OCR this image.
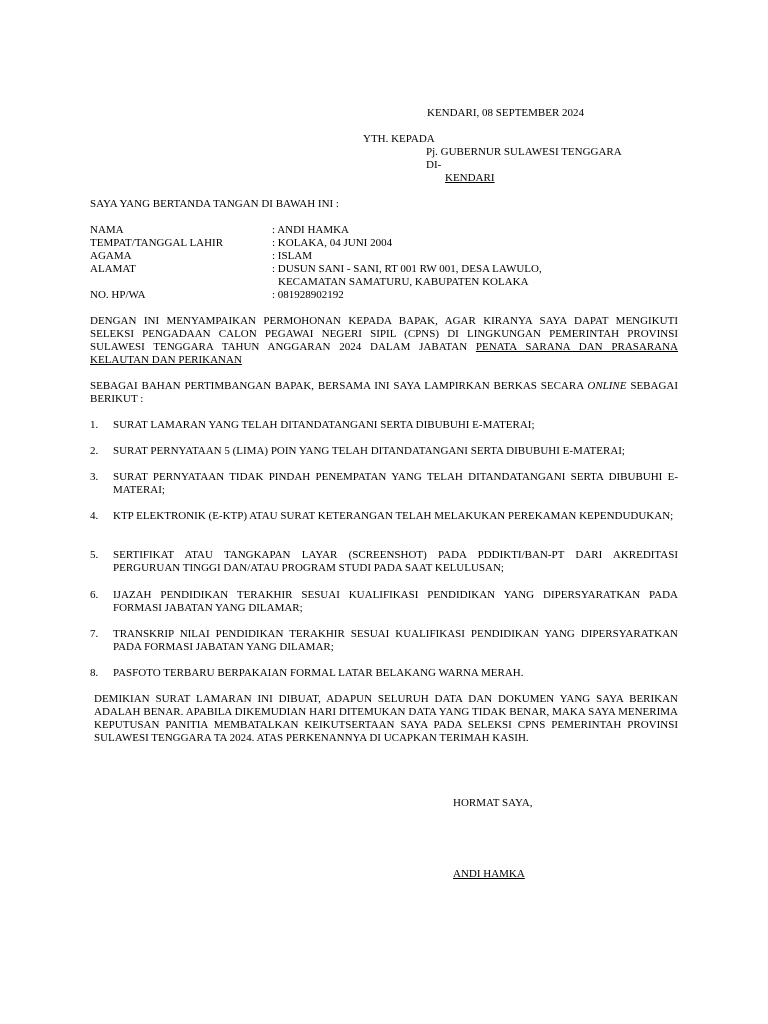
KENDARI, 08 SEPTEMBER 2024
YTH. KEPADA
Pj. GUBERNUR SULAWESI TENGGARA
DI-
KENDARI
SAYA YANG BERTANDA TANGAN DI BAWAH INI :
NAMA	: ANDI HAMKA
TEMPAT/TANGGAL LAHIR	: KOLAKA, 04 JUNI 2004
AGAMA	: ISLAM
ALAMAT	: DUSUN SANI - SANI, RT 001 RW 001, DESA LAWULO,
KECAMATAN SAMATURU, KABUPATEN KOLAKA
NO. HP/WA	: 081928902192
DENGAN INI MENYAMPAIKAN PERMOHONAN KEPADA BAPAK, AGAR KIRANYA SAYA DAPAT MENGIKUTI SELEKSI PENGADAAN CALON PEGAWAI NEGERI SIPIL (CPNS) DI LINGKUNGAN PEMERINTAH PROVINSI SULAWESI TENGGARA TAHUN ANGGARAN 2024 DALAM JABATAN PENATA SARANA DAN PRASARANA KELAUTAN DAN PERIKANAN
SEBAGAI BAHAN PERTIMBANGAN BAPAK, BERSAMA INI SAYA LAMPIRKAN BERKAS SECARA ONLINE SEBAGAI BERIKUT :
1. SURAT LAMARAN YANG TELAH DITANDATANGANI SERTA DIBUBUHI E-MATERAI;
2. SURAT PERNYATAAN 5 (LIMA) POIN YANG TELAH DITANDATANGANI SERTA DIBUBUHI E-MATERAI;
3. SURAT PERNYATAAN TIDAK PINDAH PENEMPATAN YANG TELAH DITANDATANGANI SERTA DIBUBUHI E-MATERAI;
4. KTP ELEKTRONIK (E-KTP) ATAU SURAT KETERANGAN TELAH MELAKUKAN PEREKAMAN KEPENDUDUKAN;
5. SERTIFIKAT ATAU TANGKAPAN LAYAR (SCREENSHOT) PADA PDDIKTI/BAN-PT DARI AKREDITASI PERGURUAN TINGGI DAN/ATAU PROGRAM STUDI PADA SAAT KELULUSAN;
6. IJAZAH PENDIDIKAN TERAKHIR SESUAI KUALIFIKASI PENDIDIKAN YANG DIPERSYARATKAN PADA FORMASI JABATAN YANG DILAMAR;
7. TRANSKRIP NILAI PENDIDIKAN TERAKHIR SESUAI KUALIFIKASI PENDIDIKAN YANG DIPERSYARATKAN PADA FORMASI JABATAN YANG DILAMAR;
8. PASFOTO TERBARU BERPAKAIAN FORMAL LATAR BELAKANG WARNA MERAH.
DEMIKIAN SURAT LAMARAN INI DIBUAT, ADAPUN SELURUH DATA DAN DOKUMEN YANG SAYA BERIKAN ADALAH BENAR. APABILA DIKEMUDIAN HARI DITEMUKAN DATA YANG TIDAK BENAR, MAKA SAYA MENERIMA KEPUTUSAN PANITIA MEMBATALKAN KEIKUTSERTAAN SAYA PADA SELEKSI CPNS PEMERINTAH PROVINSI SULAWESI TENGGARA TA 2024. ATAS PERKENANNYA DI UCAPKAN TERIMAH KASIH.
HORMAT SAYA,
ANDI HAMKA
